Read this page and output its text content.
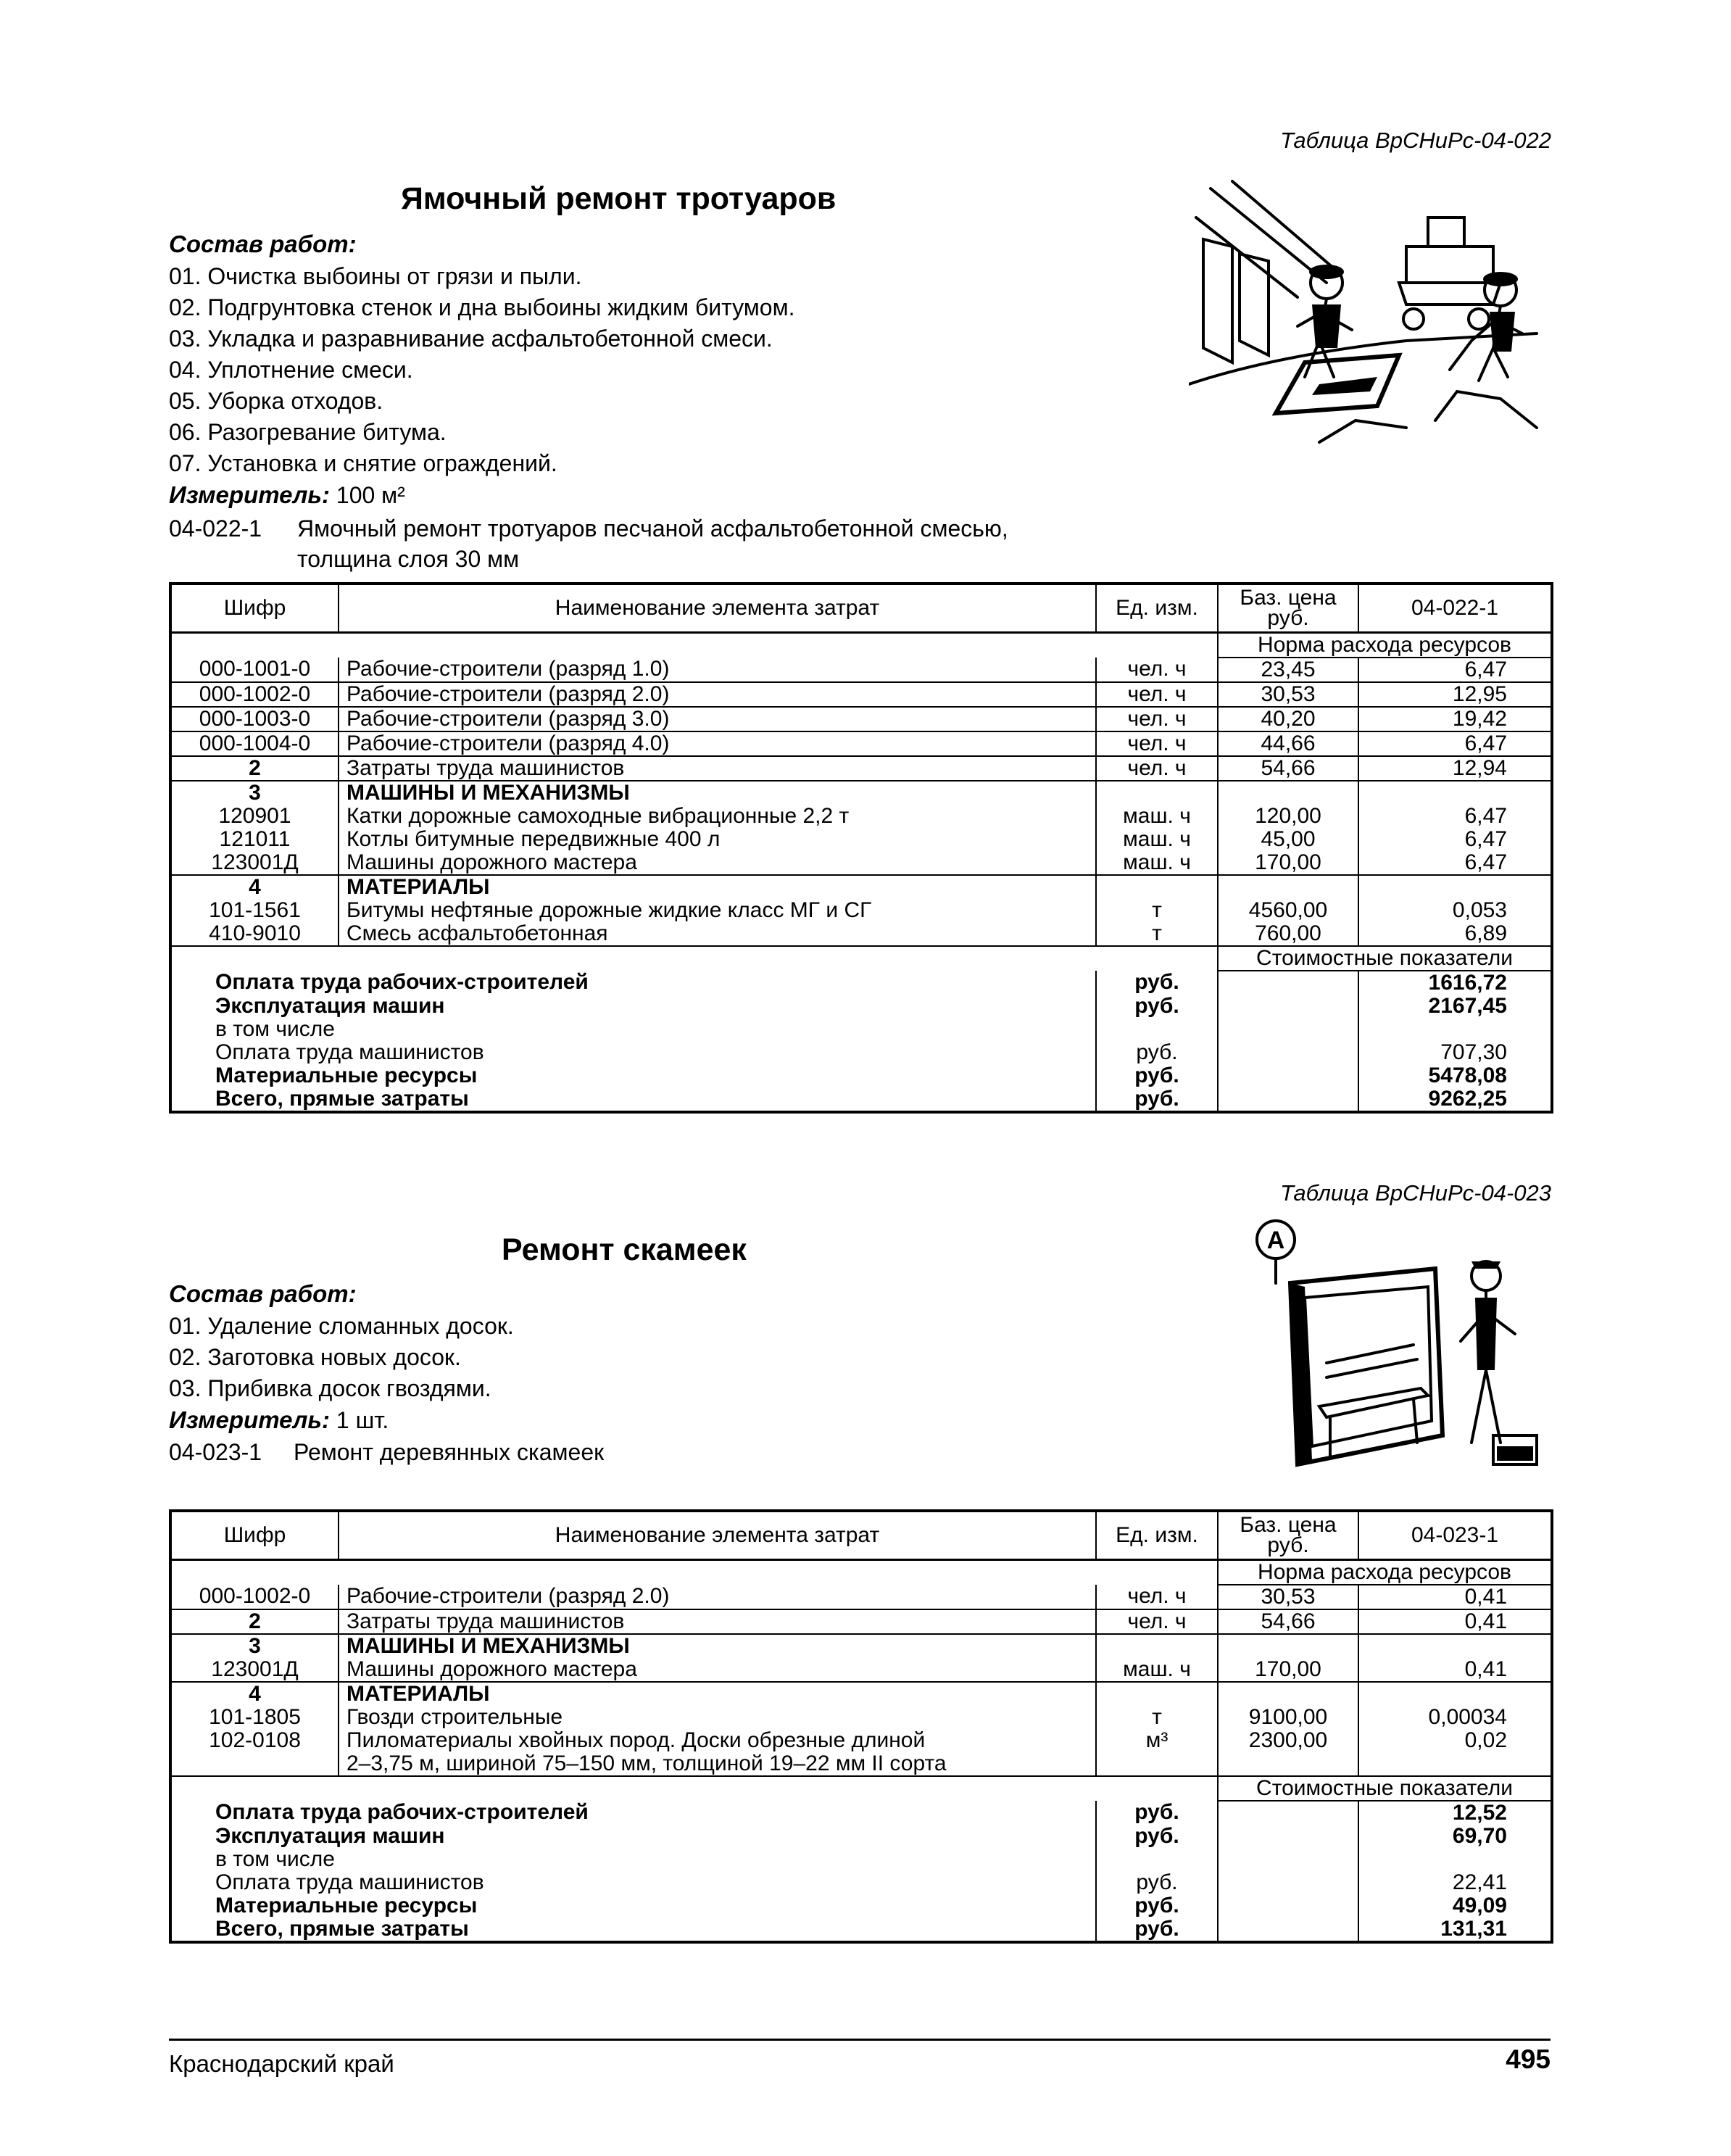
Таблица ВрСНиРс-04-022
Ямочный ремонт тротуаров
Состав работ:
01. Очистка выбоины от грязи и пыли.
02. Подгрунтовка стенок и дна выбоины жидким битумом.
03. Укладка и разравнивание асфальтобетонной смеси.
04. Уплотнение смеси.
05. Уборка отходов.
06. Разогревание битума.
07. Установка и снятие ограждений.
Измеритель: 100 м²
04-022-1 Ямочный ремонт тротуаров песчаной асфальтобетонной смесью,
толщина слоя 30 мм
Шифр	Наименование элемента затрат	Ед. изм.	Баз. цена руб.	04-022-1
			Норма расхода ресурсов	
000-1001-0	Рабочие-строители (разряд 1.0)	чел. ч	23,45	6,47
000-1002-0	Рабочие-строители (разряд 2.0)	чел. ч	30,53	12,95
000-1003-0	Рабочие-строители (разряд 3.0)	чел. ч	40,20	19,42
000-1004-0	Рабочие-строители (разряд 4.0)	чел. ч	44,66	6,47
2	Затраты труда машинистов	чел. ч	54,66	12,94
3	МАШИНЫ И МЕХАНИЗМЫ			
120901	Катки дорожные самоходные вибрационные 2,2 т	маш. ч	120,00	6,47
121011	Котлы битумные передвижные 400 л	маш. ч	45,00	6,47
123001Д	Машины дорожного мастера	маш. ч	170,00	6,47
4	МАТЕРИАЛЫ			
101-1561	Битумы нефтяные дорожные жидкие класс МГ и СГ	т	4560,00	0,053
410-9010	Смесь асфальтобетонная	т	760,00	6,89
			Стоимостные показатели	
Оплата труда рабочих-строителей		руб.		1616,72
Эксплуатация машин		руб.		2167,45
в том числе				
Оплата труда машинистов		руб.		707,30
Материальные ресурсы		руб.		5478,08
Всего, прямые затраты		руб.		9262,25
Таблица ВрСНиРс-04-023
Ремонт скамеек
Состав работ:
01. Удаление сломанных досок.
02. Заготовка новых досок.
03. Прибивка досок гвоздями.
Измеритель: 1 шт.
04-023-1 Ремонт деревянных скамеек
A
Шифр	Наименование элемента затрат	Ед. изм.	Баз. цена руб.	04-023-1
			Норма расхода ресурсов	
000-1002-0	Рабочие-строители (разряд 2.0)	чел. ч	30,53	0,41
2	Затраты труда машинистов	чел. ч	54,66	0,41
3	МАШИНЫ И МЕХАНИЗМЫ			
123001Д	Машины дорожного мастера	маш. ч	170,00	0,41
4	МАТЕРИАЛЫ			
101-1805	Гвозди строительные	т	9100,00	0,00034
102-0108	Пиломатериалы хвойных пород. Доски обрезные длиной	м³	2300,00	0,02
	2–3,75 м, шириной 75–150 мм, толщиной 19–22 мм II сорта			
			Стоимостные показатели	
Оплата труда рабочих-строителей		руб.		12,52
Эксплуатация машин		руб.		69,70
в том числе				
Оплата труда машинистов		руб.		22,41
Материальные ресурсы		руб.		49,09
Всего, прямые затраты		руб.		131,31
Краснодарский край	495
